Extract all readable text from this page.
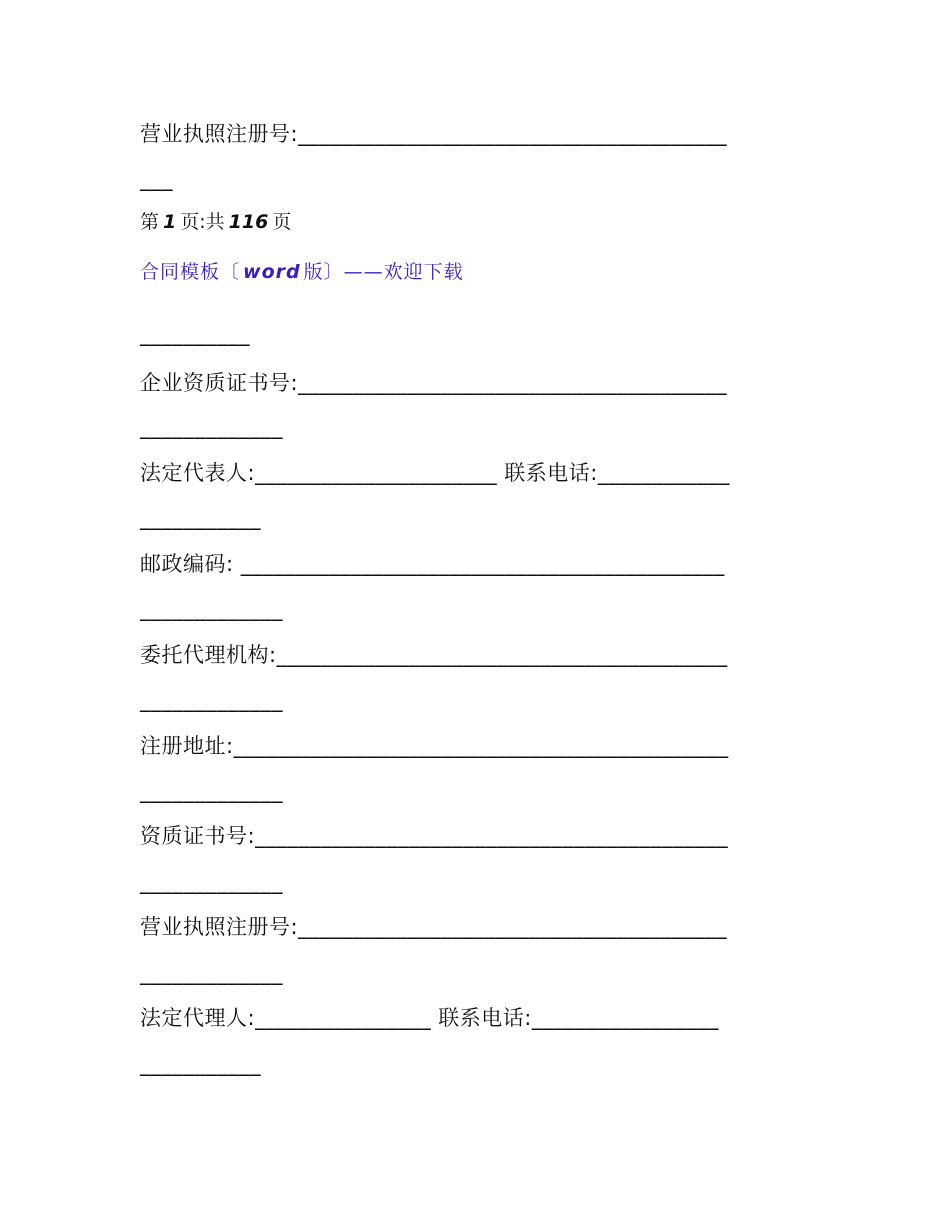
营业执照注册号:_______________________________________
___
第 1 页:共 116 页
合同模板〔 word 版〕——欢迎下载
__________
企业资质证书号:_______________________________________
_____________
法定代表人:______________________ 联系电话:____________
___________
邮政编码: ____________________________________________
_____________
委托代理机构:_________________________________________
_____________
注册地址:_____________________________________________
_____________
资质证书号:___________________________________________
_____________
营业执照注册号:_______________________________________
_____________
法定代理人:________________ 联系电话:_________________
___________
